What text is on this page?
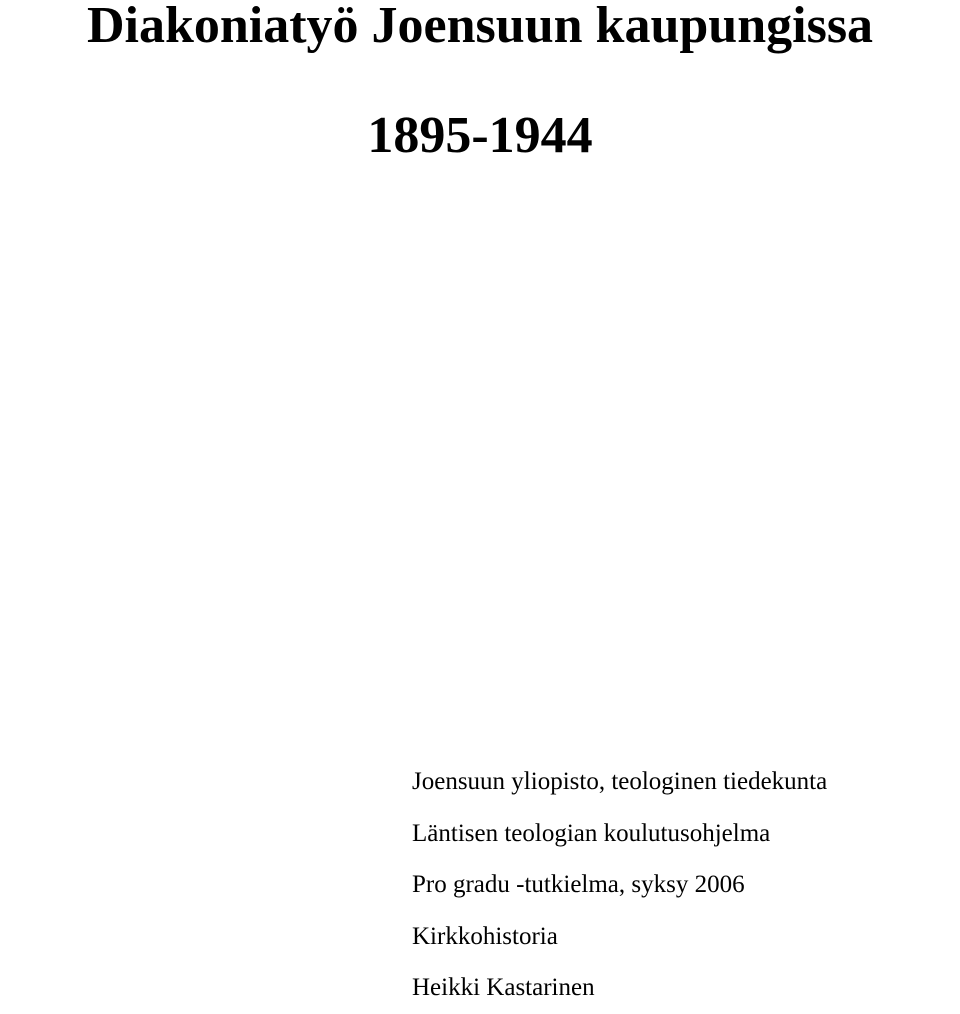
Diakoniatyö Joensuun kaupungissa
1895-1944
Joensuun yliopisto, teologinen tiedekunta
Läntisen teologian koulutusohjelma
Pro gradu -tutkielma, syksy 2006
Kirkkohistoria
Heikki Kastarinen
